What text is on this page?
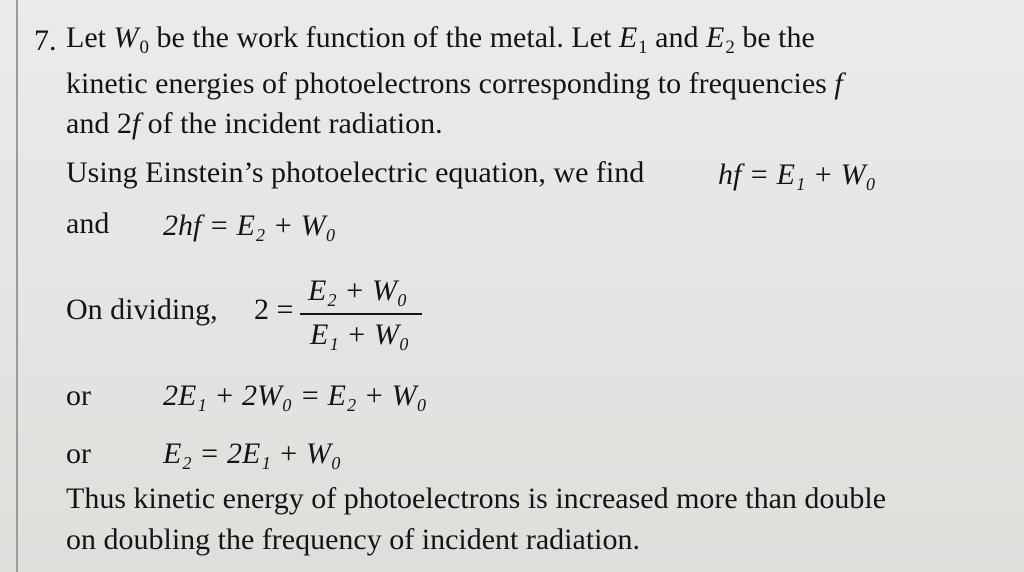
7. Let $W_0$ be the work function of the metal. Let $E_1$ and $E_2$ be the
kinetic energies of photoelectrons corresponding to frequencies f
and 2f of the incident radiation.
Using Einstein’s photoelectric equation, we find hf = E₁ + W₀
and 2hf = E₂ + W₀
On dividing, 2 =
E₂ + W₀
E₁ + W₀
or 2E₁ + 2W₀ = E₂ + W₀
or E₂ = 2E₁ + W₀
Thus kinetic energy of photoelectrons is increased more than double
on doubling the frequency of incident radiation.
